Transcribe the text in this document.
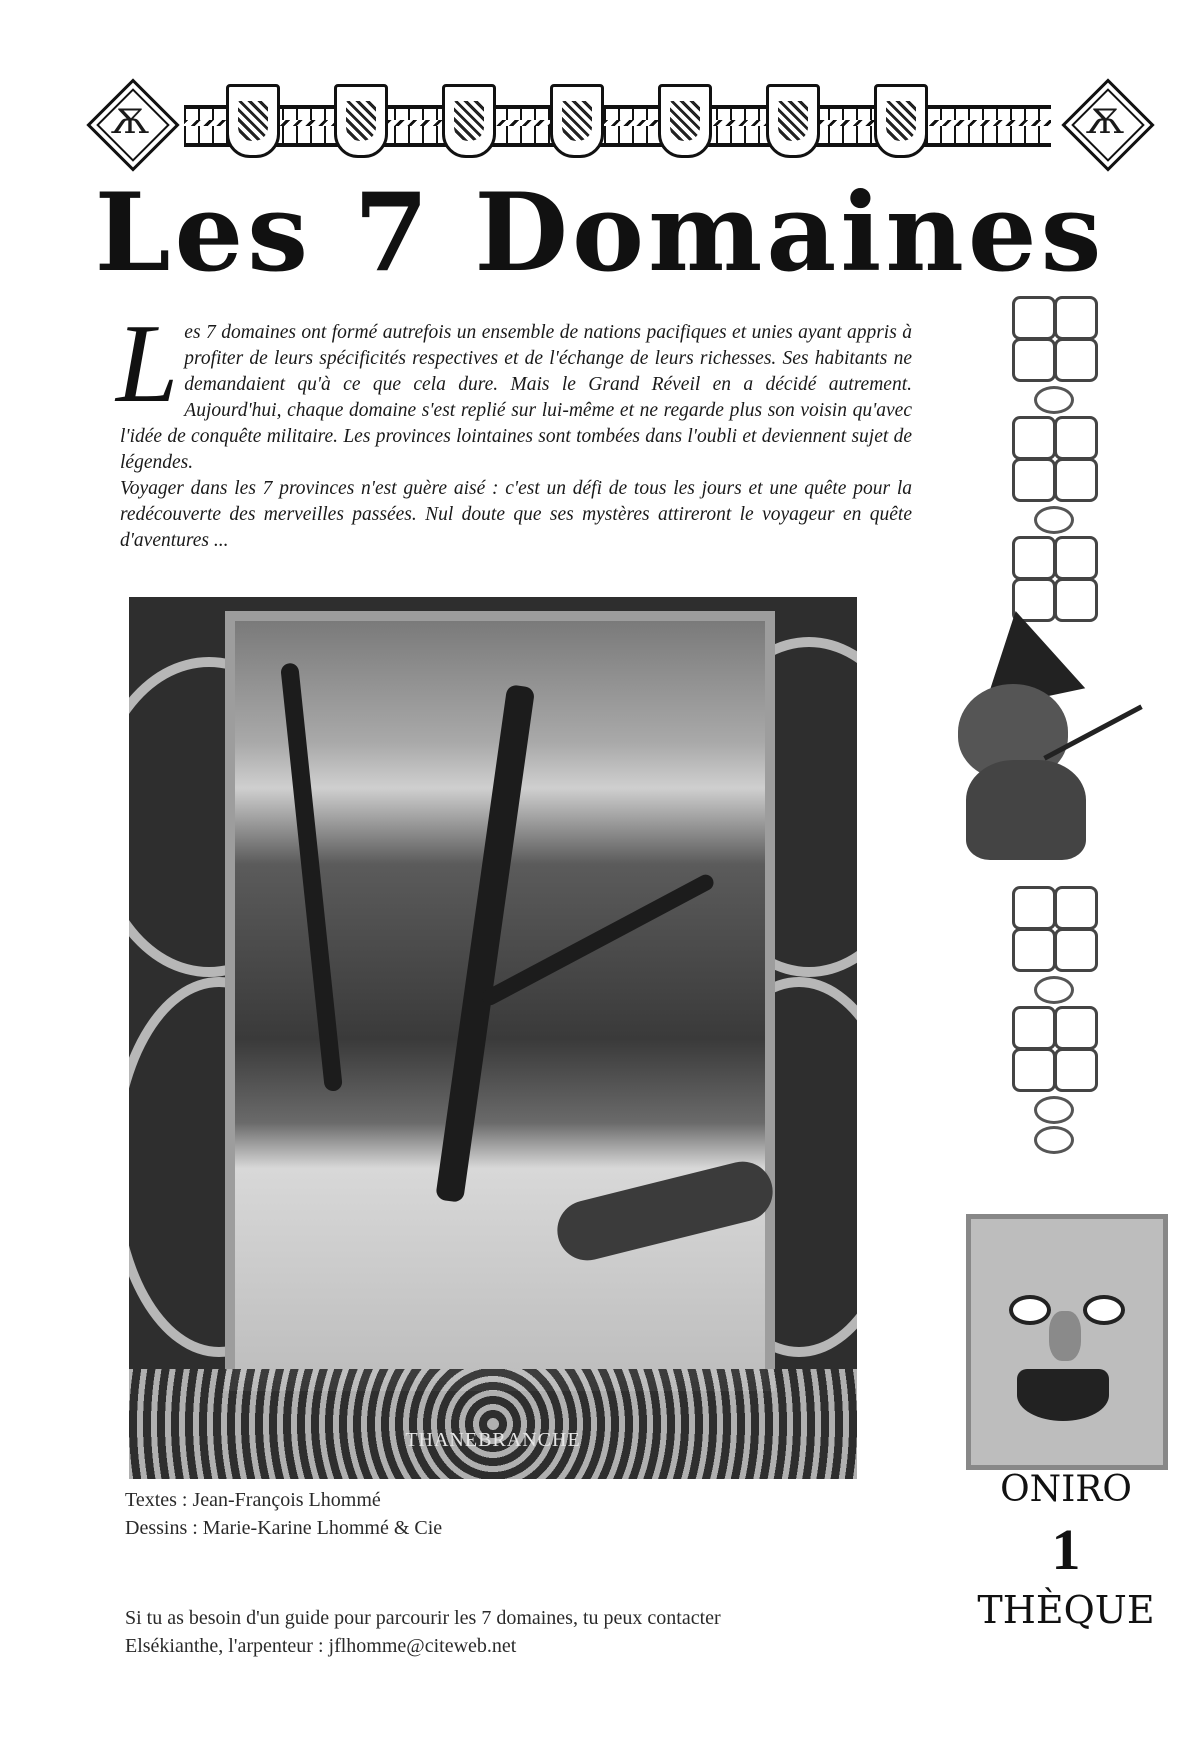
Ѫ	Ѫ
Les 7 Domaines
L es 7 domaines ont formé autrefois un ensemble de nations pacifiques et unies ayant appris à profiter de leurs spécificités respectives et de l'échange de leurs richesses. Ses habitants ne demandaient qu'à ce que cela dure. Mais le Grand Réveil en a décidé autrement. Aujourd'hui, chaque domaine s'est replié sur lui-même et ne regarde plus son voisin qu'avec l'idée de conquête militaire. Les provinces lointaines sont tombées dans l'oubli et deviennent sujet de légendes.

Voyager dans les 7 provinces n'est guère aisé : c'est un défi de tous les jours et une quête pour la redécouverte des merveilles passées. Nul doute que ses mystères attireront le voyageur en quête d'aventures ...

THANEBRANCHE
ONIRO
1
THÈQUE
Textes : Jean-François Lhommé
Dessins : Marie-Karine Lhommé & Cie
Si tu as besoin d'un guide pour parcourir les 7 domaines, tu peux contacter
Elsékianthe, l'arpenteur : jflhomme@citeweb.net
